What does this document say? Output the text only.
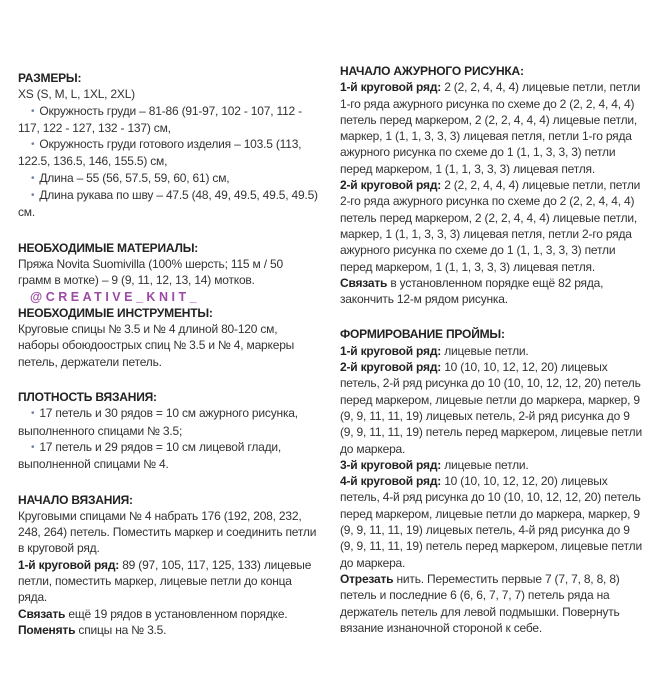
РАЗМЕРЫ:
XS (S, M, L, 1XL, 2XL)
• Окружность груди – 81-86 (91-97, 102 - 107, 112 - 117, 122 - 127, 132 - 137) см,
• Окружность груди готового изделия – 103.5 (113, 122.5, 136.5, 146, 155.5) см,
• Длина – 55 (56, 57.5, 59, 60, 61) см,
• Длина рукава по шву – 47.5 (48, 49, 49.5, 49.5, 49.5) см.
НЕОБХОДИМЫЕ МАТЕРИАЛЫ:
Пряжа Novita Suomivilla (100% шерсть; 115 м / 50 грамм в мотке) – 9 (9, 11, 12, 13, 14) мотков.
@CREATIVE_KNIT_
НЕОБХОДИМЫЕ ИНСТРУМЕНТЫ:
Круговые спицы № 3.5 и № 4 длиной 80-120 см, наборы обоюдоострых спиц № 3.5 и № 4, маркеры петель, держатели петель.
ПЛОТНОСТЬ ВЯЗАНИЯ:
• 17 петель и 30 рядов = 10 см ажурного рисунка, выполненного спицами № 3.5;
• 17 петель и 29 рядов = 10 см лицевой глади, выполненной спицами № 4.
НАЧАЛО ВЯЗАНИЯ:
Круговыми спицами № 4 набрать 176 (192, 208, 232, 248, 264) петель. Поместить маркер и соединить петли в круговой ряд.
1-й круговой ряд: 89 (97, 105, 117, 125, 133) лицевые петли, поместить маркер, лицевые петли до конца ряда.
Связать ещё 19 рядов в установленном порядке.
Поменять спицы на № 3.5.
НАЧАЛО АЖУРНОГО РИСУНКА:
1-й круговой ряд: 2 (2, 2, 4, 4, 4) лицевые петли, петли 1-го ряда ажурного рисунка по схеме до 2 (2, 2, 4, 4, 4) петель перед маркером, 2 (2, 2, 4, 4, 4) лицевые петли, маркер, 1 (1, 1, 3, 3, 3) лицевая петля, петли 1-го ряда ажурного рисунка по схеме до 1 (1, 1, 3, 3, 3) петли перед маркером, 1 (1, 1, 3, 3, 3) лицевая петля.
2-й круговой ряд: 2 (2, 2, 4, 4, 4) лицевые петли, петли 2-го ряда ажурного рисунка по схеме до 2 (2, 2, 4, 4, 4) петель перед маркером, 2 (2, 2, 4, 4, 4) лицевые петли, маркер, 1 (1, 1, 3, 3, 3) лицевая петля, петли 2-го ряда ажурного рисунка по схеме до 1 (1, 1, 3, 3, 3) петли перед маркером, 1 (1, 1, 3, 3, 3) лицевая петля.
Связать в установленном порядке ещё 82 ряда, закончить 12-м рядом рисунка.
ФОРМИРОВАНИЕ ПРОЙМЫ:
1-й круговой ряд: лицевые петли.
2-й круговой ряд: 10 (10, 10, 12, 12, 20) лицевых петель, 2-й ряд рисунка до 10 (10, 10, 12, 12, 20) петель перед маркером, лицевые петли до маркера, маркер, 9 (9, 9, 11, 11, 19) лицевых петель, 2-й ряд рисунка до 9 (9, 9, 11, 11, 19) петель перед маркером, лицевые петли до маркера.
3-й круговой ряд: лицевые петли.
4-й круговой ряд: 10 (10, 10, 12, 12, 20) лицевых петель, 4-й ряд рисунка до 10 (10, 10, 12, 12, 20) петель перед маркером, лицевые петли до маркера, маркер, 9 (9, 9, 11, 11, 19) лицевых петель, 4-й ряд рисунка до 9 (9, 9, 11, 11, 19) петель перед маркером, лицевые петли до маркера.
Отрезать нить. Переместить первые 7 (7, 7, 8, 8, 8) петель и последние 6 (6, 6, 7, 7, 7) петель ряда на держатель петель для левой подмышки. Повернуть вязание изнаночной стороной к себе.
